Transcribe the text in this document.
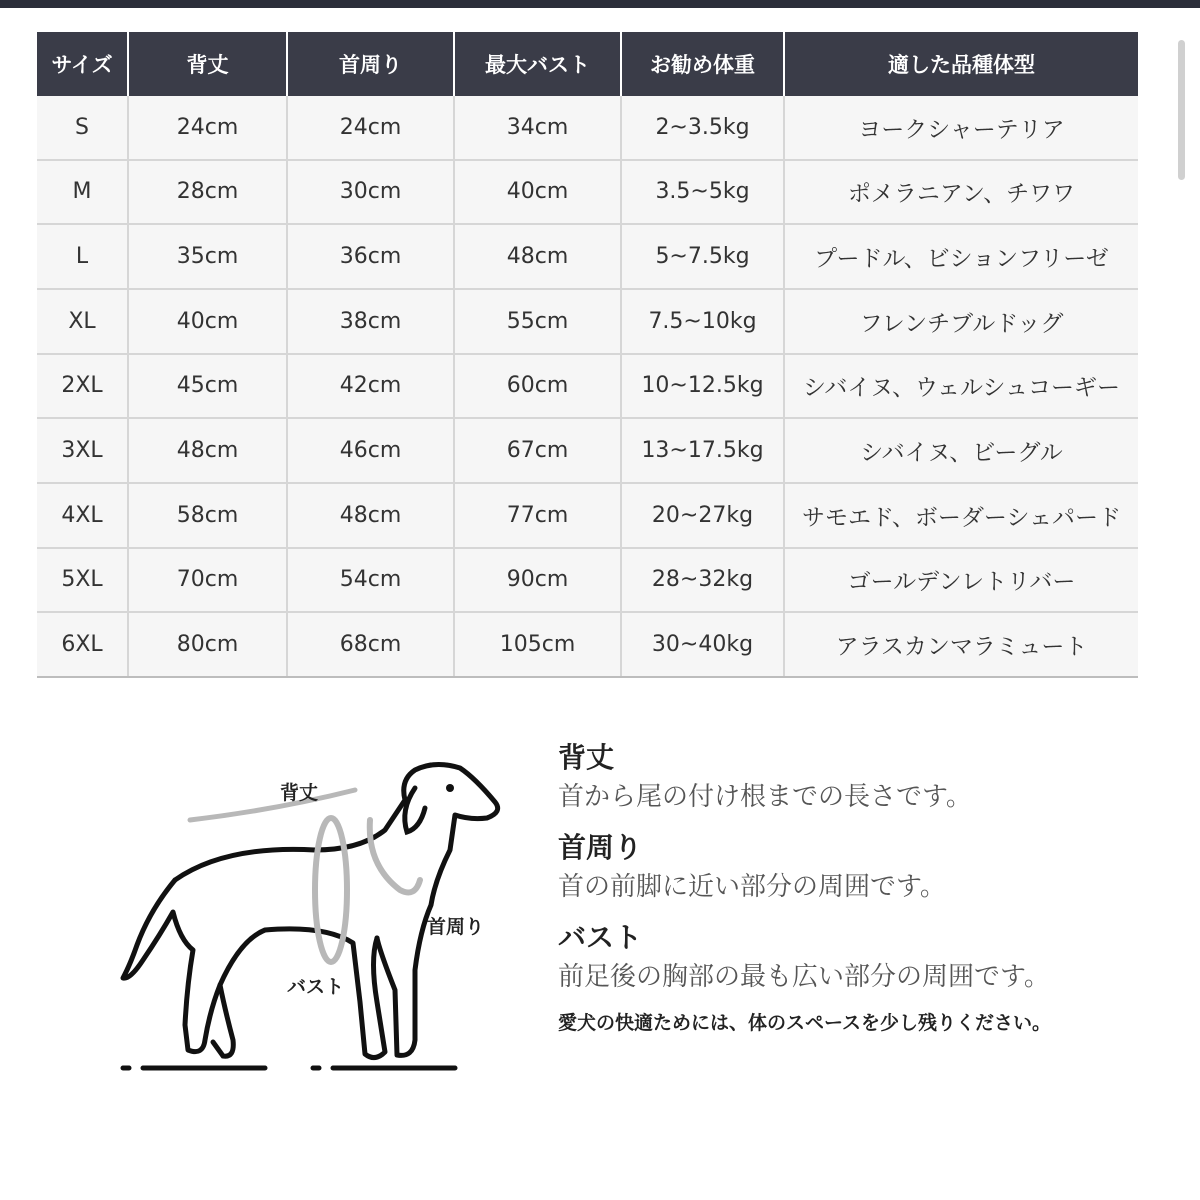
サイズ	背丈	首周り	最大バスト	お勧め体重	適した品種体型
S	24cm	24cm	34cm	2~3.5kg	ヨークシャーテリア
M	28cm	30cm	40cm	3.5~5kg	ポメラニアン、チワワ
L	35cm	36cm	48cm	5~7.5kg	プードル、ビションフリーゼ
XL	40cm	38cm	55cm	7.5~10kg	フレンチブルドッグ
2XL	45cm	42cm	60cm	10~12.5kg	シバイヌ、ウェルシュコーギー
3XL	48cm	46cm	67cm	13~17.5kg	シバイヌ、ビーグル
4XL	58cm	48cm	77cm	20~27kg	サモエド、ボーダーシェパード
5XL	70cm	54cm	90cm	28~32kg	ゴールデンレトリバー
6XL	80cm	68cm	105cm	30~40kg	アラスカンマラミュート
背丈
首周り
バスト
背丈
首から尾の付け根までの長さです。
首周り
首の前脚に近い部分の周囲です。
バスト
前足後の胸部の最も広い部分の周囲です。
愛犬の快適ためには、体のスペースを少し残りください。
